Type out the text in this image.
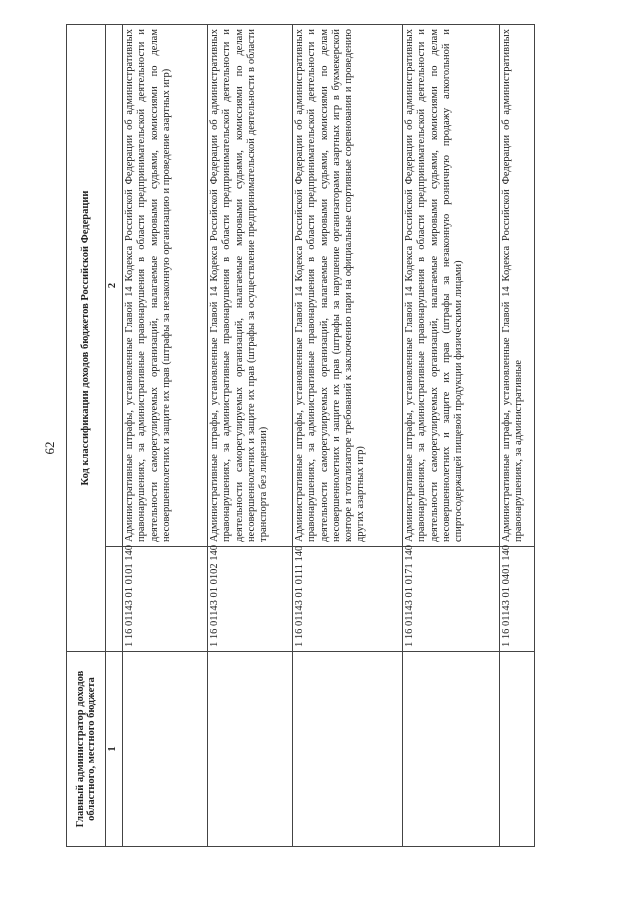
62
Главный администратор доходов областного, местного бюджета	Код классификации доходов бюджетов Российской Федерации	
1		2
	1 16 01143 01 0101 140	Административные штрафы, установленные Главой 14 Кодекса Российской Федерации об административных правонарушениях, за административные правонарушения в области предпринимательской деятельности и деятельности саморегулируемых организаций, налагаемые мировыми судьями, комиссиями по делам несовершеннолетних и защите их прав (штрафы за незаконную организацию и проведение азартных игр)
	1 16 01143 01 0102 140	Административные штрафы, установленные Главой 14 Кодекса Российской Федерации об административных правонарушениях, за административные правонарушения в области предпринимательской деятельности и деятельности саморегулируемых организаций, налагаемые мировыми судьями, комиссиями по делам несовершеннолетних и защите их прав (штрафы за осуществление предпринимательской деятельности в области транспорта без лицензии)
	1 16 01143 01 0111 140	Административные штрафы, установленные Главой 14 Кодекса Российской Федерации об административных правонарушениях, за административные правонарушения в области предпринимательской деятельности и деятельности саморегулируемых организаций, налагаемые мировыми судьями, комиссиями по делам несовершеннолетних и защите их прав (штрафы за нарушение организаторами азартных игр в букмекерской конторе и тотализаторе требований к заключению пари на официальные спортивные соревнования и проведению других азартных игр)
	1 16 01143 01 0171 140	Административные штрафы, установленные Главой 14 Кодекса Российской Федерации об административных правонарушениях, за административные правонарушения в области предпринимательской деятельности и деятельности саморегулируемых организаций, налагаемые мировыми судьями, комиссиями по делам несовершеннолетних и защите их прав (штрафы за незаконную розничную продажу алкогольной и спиртосодержащей пищевой продукции физическими лицами)
	1 16 01143 01 0401 140	Административные штрафы, установленные Главой 14 Кодекса Российской Федерации об административных правонарушениях, за административные
